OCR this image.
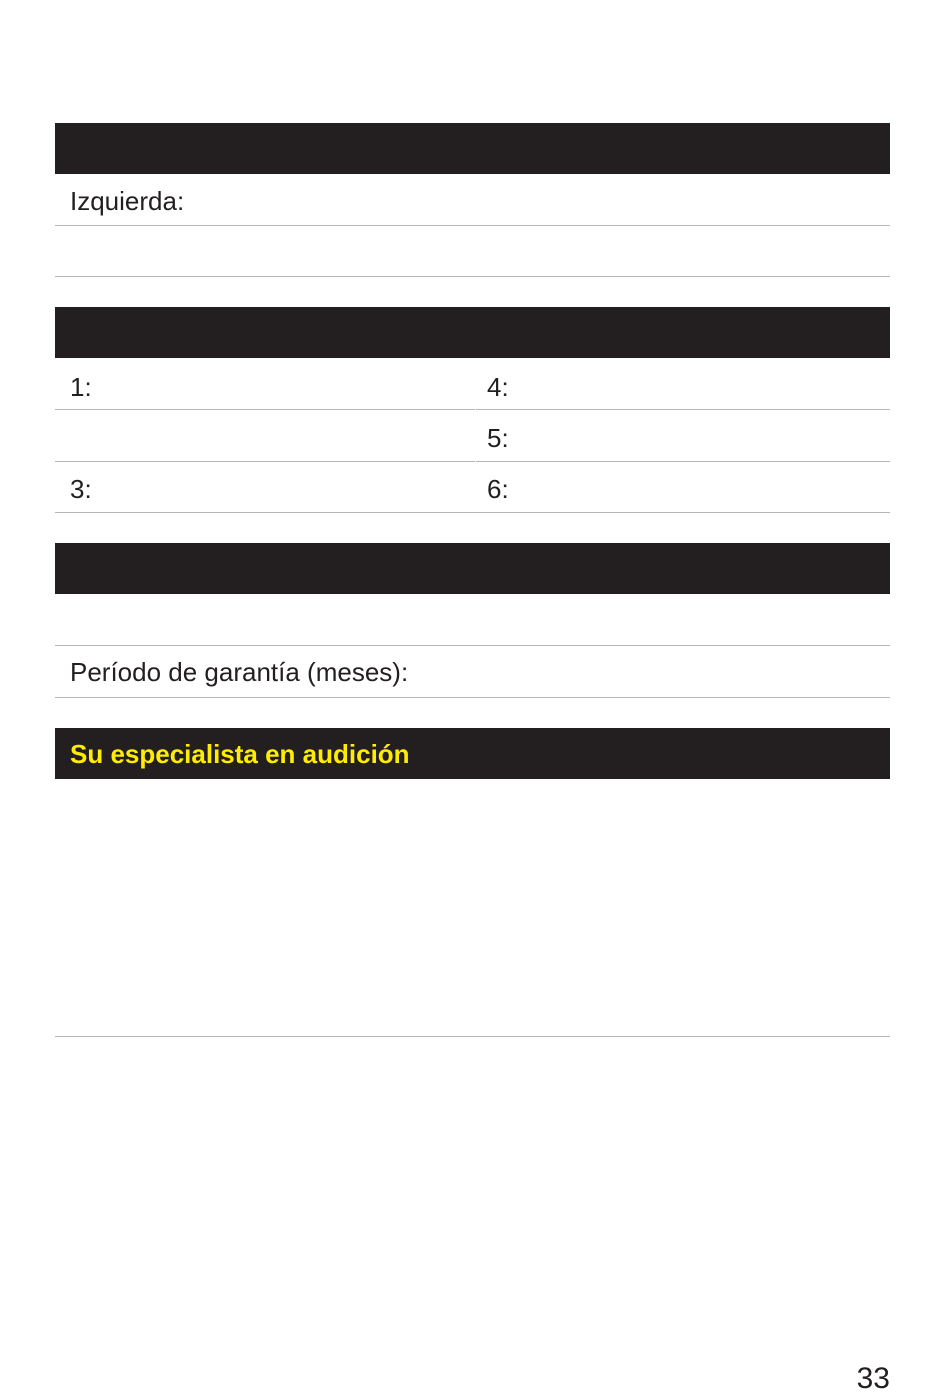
Izquierda:
1:	4:
5:
3:	6:
Período de garantía (meses):
Su especialista en audición
33
